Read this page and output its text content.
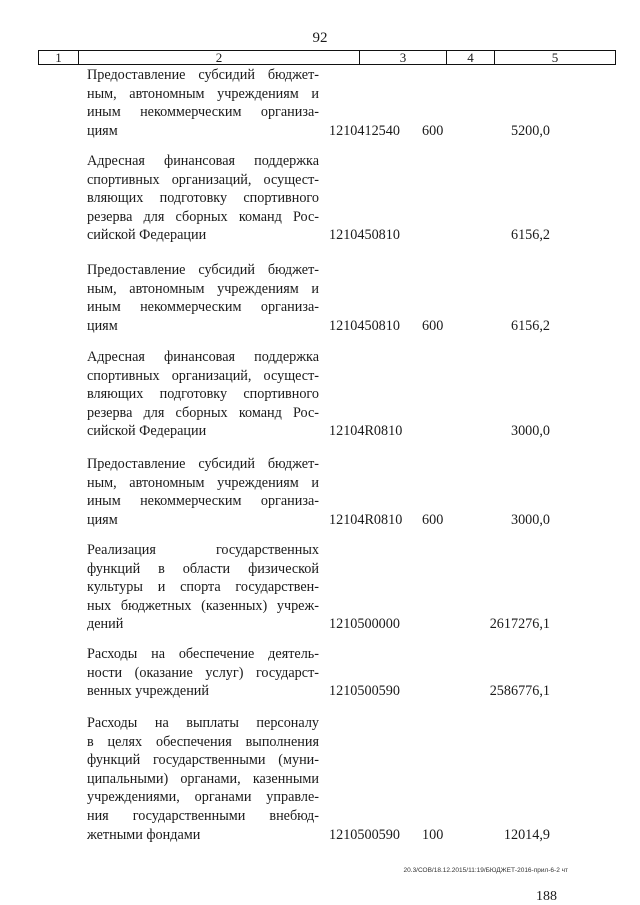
92
1	2	3	4	5
Предоставление субсидий бюджет-
ным, автономным учреждениям и
иным некоммерческим организа-
циям	1210412540 600	5200,0
Адресная финансовая поддержка
спортивных организаций, осущест-
вляющих подготовку спортивного
резерва для сборных команд Рос-
сийской Федерации	1210450810	6156,2
Предоставление субсидий бюджет-
ным, автономным учреждениям и
иным некоммерческим организа-
циям	1210450810 600	6156,2
Адресная финансовая поддержка
спортивных организаций, осущест-
вляющих подготовку спортивного
резерва для сборных команд Рос-
сийской Федерации	12104R0810	3000,0
Предоставление субсидий бюджет-
ным, автономным учреждениям и
иным некоммерческим организа-
циям	12104R0810 600	3000,0
Реализация государственных
функций в области физической
культуры и спорта государствен-
ных бюджетных (казенных) учреж-
дений	1210500000	2617276,1
Расходы на обеспечение деятель-
ности (оказание услуг) государст-
венных учреждений	1210500590	2586776,1
Расходы на выплаты персоналу
в целях обеспечения выполнения
функций государственными (муни-
ципальными) органами, казенными
учреждениями, органами управле-
ния государственными внебюд-
жетными фондами	1210500590 100	12014,9
20.3/СОВ/18.12.2015/11:19/БЮДЖЕТ-2016-прил-6-2 чт
188
